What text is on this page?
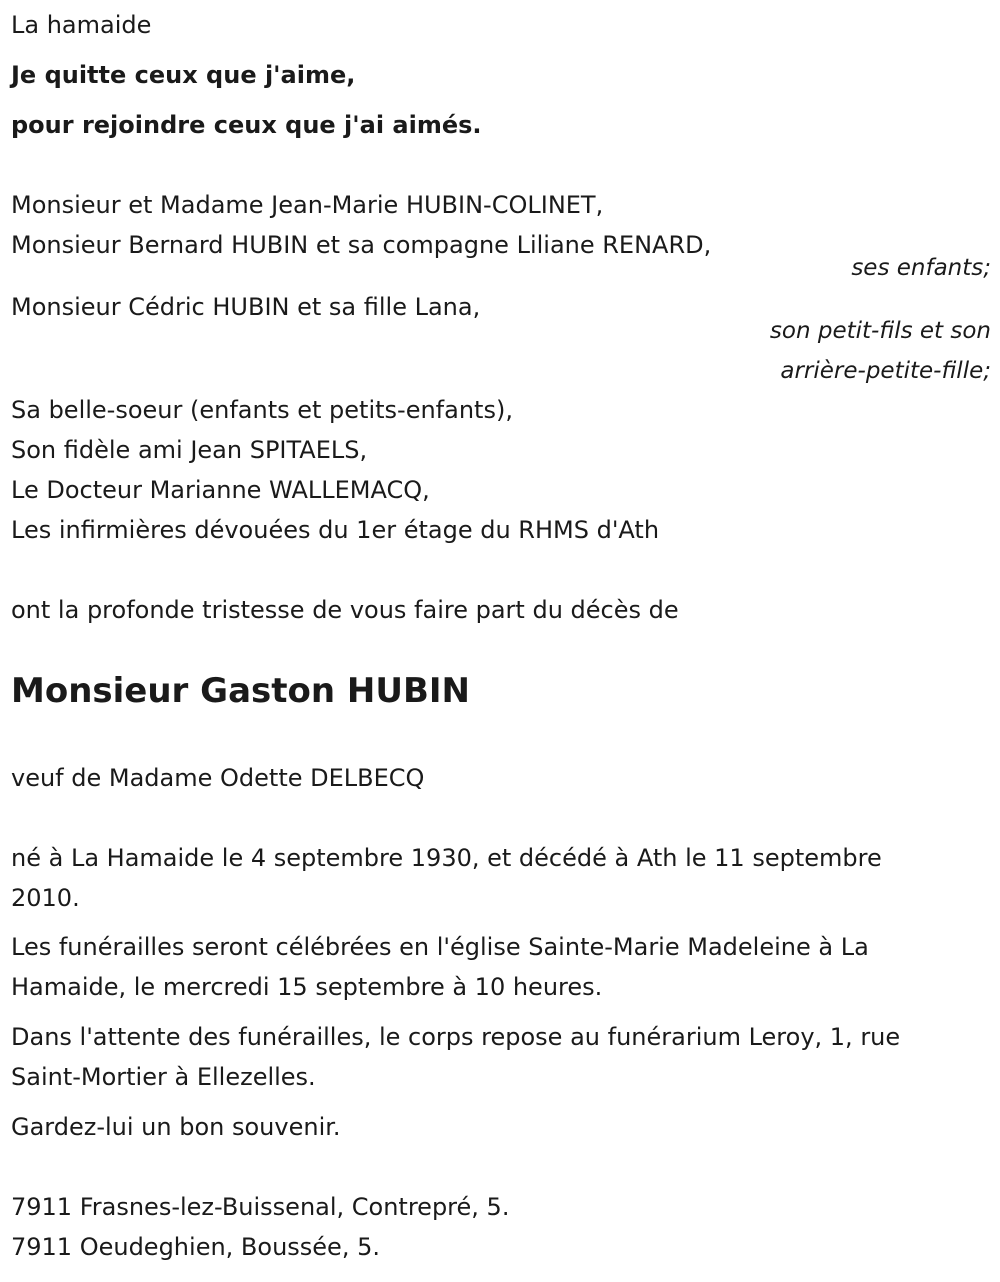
La hamaide
Je quitte ceux que j'aime,
pour rejoindre ceux que j'ai aimés.
Monsieur et Madame Jean-Marie HUBIN-COLINET,
Monsieur Bernard HUBIN et sa compagne Liliane RENARD,
ses enfants;
Monsieur Cédric HUBIN et sa fille Lana,
son petit-fils et son
arrière-petite-fille;
Sa belle-soeur (enfants et petits-enfants),
Son fidèle ami Jean SPITAELS,
Le Docteur Marianne WALLEMACQ,
Les infirmières dévouées du 1er étage du RHMS d'Ath
ont la profonde tristesse de vous faire part du décès de
Monsieur Gaston HUBIN
veuf de Madame Odette DELBECQ
né à La Hamaide le 4 septembre 1930, et décédé à Ath le 11 septembre
2010.
Les funérailles seront célébrées en l'église Sainte-Marie Madeleine à La
Hamaide, le mercredi 15 septembre à 10 heures.
Dans l'attente des funérailles, le corps repose au funérarium Leroy, 1, rue
Saint-Mortier à Ellezelles.
Gardez-lui un bon souvenir.
7911 Frasnes-lez-Buissenal, Contrepré, 5.
7911 Oeudeghien, Boussée, 5.
